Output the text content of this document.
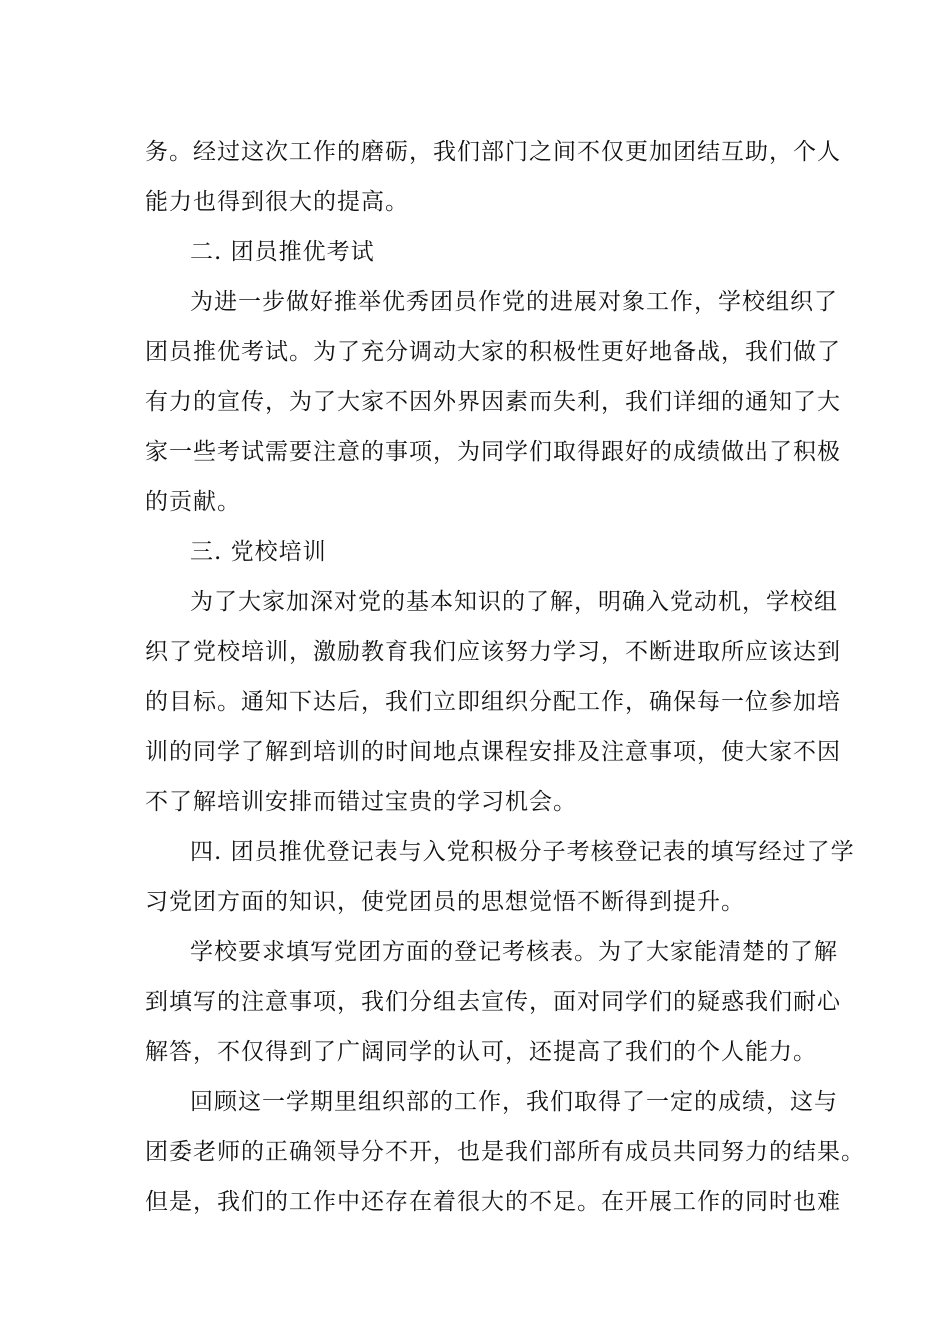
务。经过这次工作的磨砺，我们部门之间不仅更加团结互助，个人
能力也得到很大的提高。
二. 团员推优考试
为进一步做好推举优秀团员作党的进展对象工作，学校组织了
团员推优考试。为了充分调动大家的积极性更好地备战，我们做了
有力的宣传，为了大家不因外界因素而失利，我们详细的通知了大
家一些考试需要注意的事项，为同学们取得跟好的成绩做出了积极
的贡献。
三. 党校培训
为了大家加深对党的基本知识的了解，明确入党动机，学校组
织了党校培训，激励教育我们应该努力学习，不断进取所应该达到
的目标。通知下达后，我们立即组织分配工作，确保每一位参加培
训的同学了解到培训的时间地点课程安排及注意事项，使大家不因
不了解培训安排而错过宝贵的学习机会。
四. 团员推优登记表与入党积极分子考核登记表的填写经过了学
习党团方面的知识，使党团员的思想觉悟不断得到提升。
学校要求填写党团方面的登记考核表。为了大家能清楚的了解
到填写的注意事项，我们分组去宣传，面对同学们的疑惑我们耐心
解答，不仅得到了广阔同学的认可，还提高了我们的个人能力。
回顾这一学期里组织部的工作，我们取得了一定的成绩，这与
团委老师的正确领导分不开，也是我们部所有成员共同努力的结果。
但是，我们的工作中还存在着很大的不足。在开展工作的同时也难
